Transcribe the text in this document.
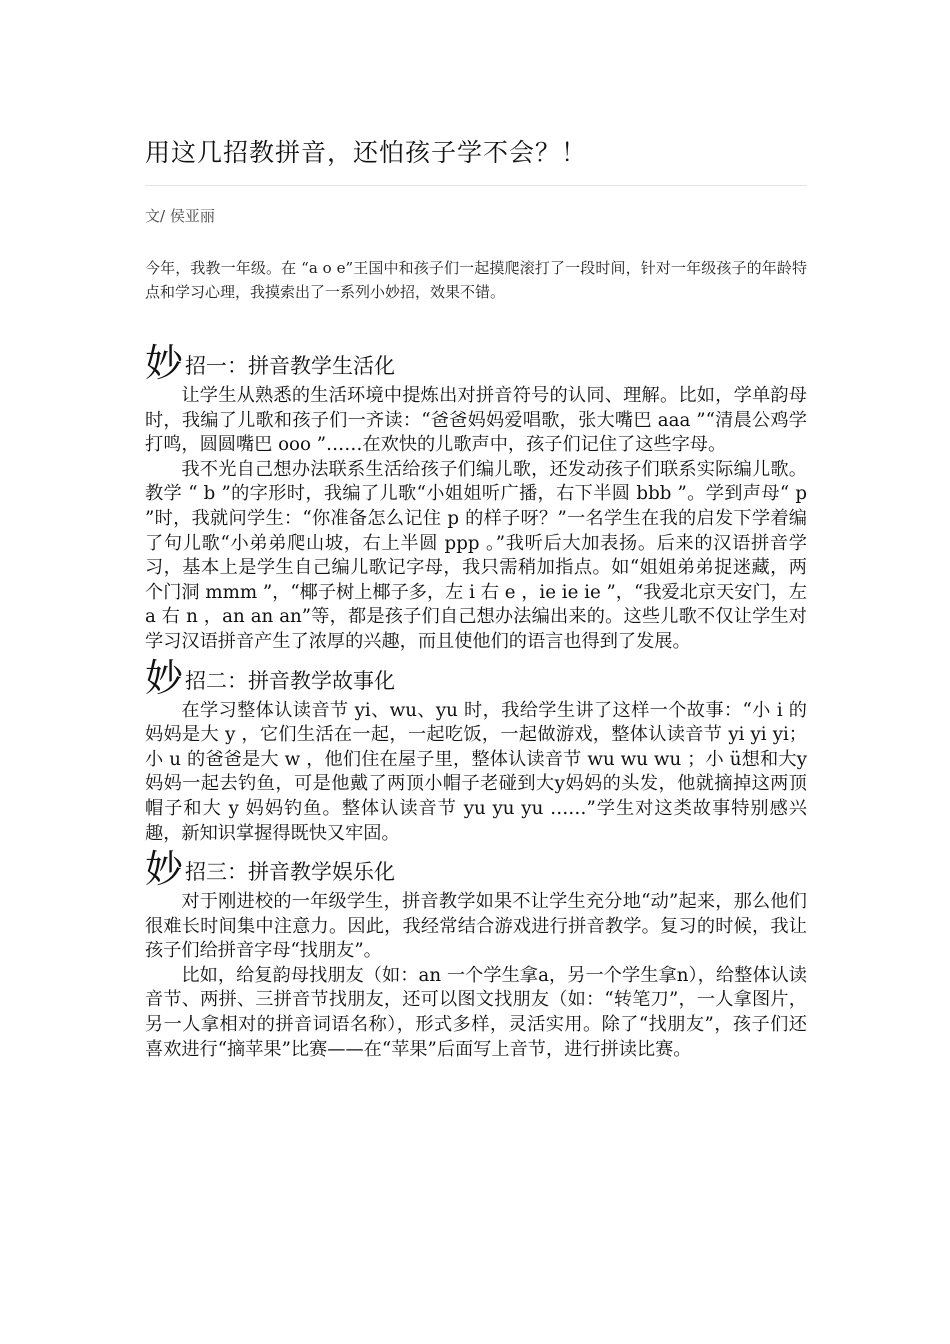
用这几招教拼音，还怕孩子学不会？！
文/ 侯亚丽
今年，我教一年级。在 “a o e”王国中和孩子们一起摸爬滚打了一段时间，针对一年级孩子的年龄特点和学习心理，我摸索出了一系列小妙招，效果不错。
妙 招一：拼音教学生活化

让学生从熟悉的生活环境中提炼出对拼音符号的认同、理解。比如，学单韵母时，我编了儿歌和孩子们一齐读：“爸爸妈妈爱唱歌，张大嘴巴 aaa ”“清晨公鸡学打鸣，圆圆嘴巴 ooo ”……在欢快的儿歌声中，孩子们记住了这些字母。

我不光自己想办法联系生活给孩子们编儿歌，还发动孩子们联系实际编儿歌。教学 “ b ”的字形时，我编了儿歌“小姐姐听广播，右下半圆 bbb ”。学到声母“ p ”时，我就问学生：“你准备怎么记住 p 的样子呀？”一名学生在我的启发下学着编了句儿歌“小弟弟爬山坡，右上半圆 ppp 。”我听后大加表扬。后来的汉语拼音学习，基本上是学生自己编儿歌记字母，我只需稍加指点。如“姐姐弟弟捉迷藏，两个门洞 mmm ”，“椰子树上椰子多，左 i 右 e ，ie ie ie ”，“我爱北京天安门，左 a 右 n ，an an an”等，都是孩子们自己想办法编出来的。这些儿歌不仅让学生对学习汉语拼音产生了浓厚的兴趣，而且使他们的语言也得到了发展。

妙 招二：拼音教学故事化

在学习整体认读音节 yi、wu、yu 时，我给学生讲了这样一个故事：“小 i 的妈妈是大 y ，它们生活在一起，一起吃饭，一起做游戏，整体认读音节 yi yi yi；小 u 的爸爸是大 w ，他们住在屋子里，整体认读音节 wu wu wu ；小 ü想和大y妈妈一起去钓鱼，可是他戴了两顶小帽子老碰到大y妈妈的头发，他就摘掉这两顶帽子和大 y 妈妈钓鱼。整体认读音节 yu yu yu ……”学生对这类故事特别感兴趣，新知识掌握得既快又牢固。

妙 招三：拼音教学娱乐化

对于刚进校的一年级学生，拼音教学如果不让学生充分地“动”起来，那么他们很难长时间集中注意力。因此，我经常结合游戏进行拼音教学。复习的时候，我让孩子们给拼音字母“找朋友”。

比如，给复韵母找朋友（如：an 一个学生拿a，另一个学生拿n），给整体认读音节、两拼、三拼音节找朋友，还可以图文找朋友（如：“转笔刀”，一人拿图片，另一人拿相对的拼音词语名称），形式多样，灵活实用。除了“找朋友”，孩子们还喜欢进行“摘苹果”比赛——在“苹果”后面写上音节，进行拼读比赛。
